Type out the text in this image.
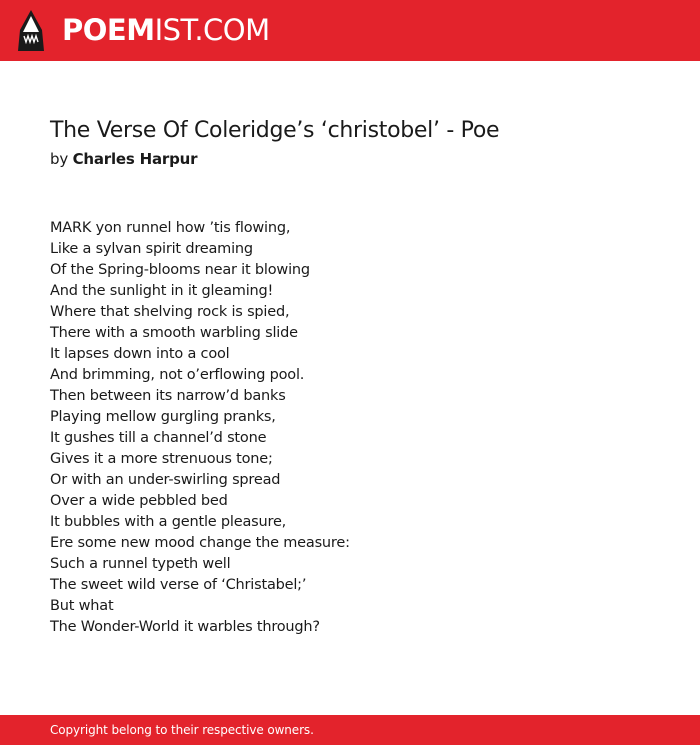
POEMIST.COM
The Verse Of Coleridge’s ‘christobel’ - Poe
by Charles Harpur
MARK yon runnel how ’tis flowing,
Like a sylvan spirit dreaming
Of the Spring-blooms near it blowing
And the sunlight in it gleaming!
Where that shelving rock is spied,
There with a smooth warbling slide
It lapses down into a cool
And brimming, not o’erflowing pool.
Then between its narrow’d banks
Playing mellow gurgling pranks,
It gushes till a channel’d stone
Gives it a more strenuous tone;
Or with an under-swirling spread
Over a wide pebbled bed
It bubbles with a gentle pleasure,
Ere some new mood change the measure:
Such a runnel typeth well
The sweet wild verse of ‘Christabel;’
But what
The Wonder-World it warbles through?
Copyright belong to their respective owners.
